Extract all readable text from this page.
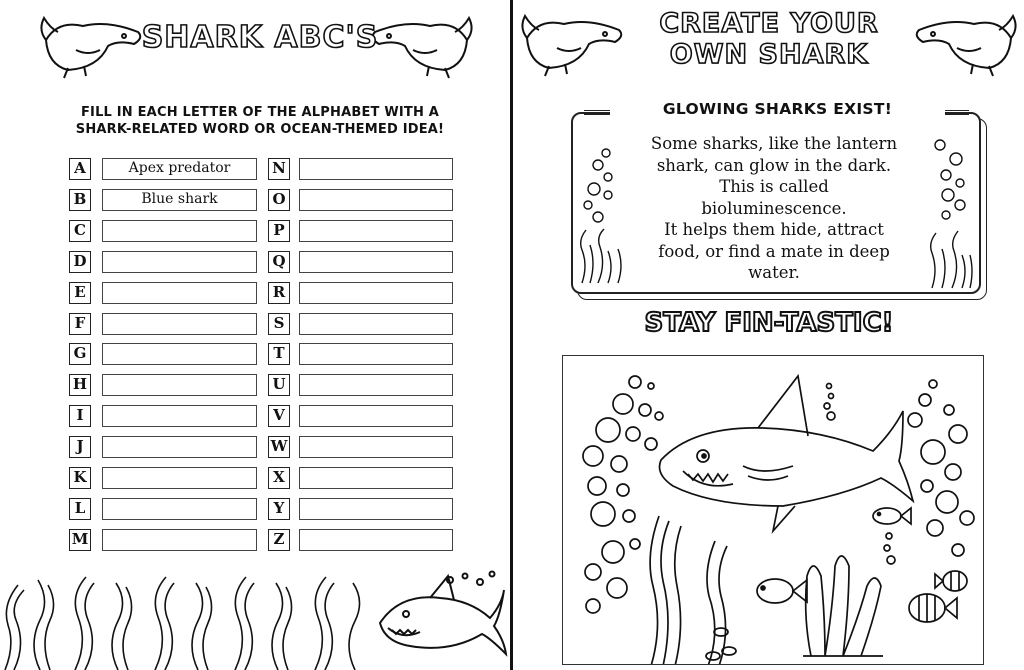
SHARK ABC'S
FILL IN EACH LETTER OF THE ALPHABET WITH A SHARK-RELATED WORD OR OCEAN-THEMED IDEA!
A	Apex predator
B	Blue shark
C
D
E
F
G
H
I
J
K
L
M
N
O
P
Q
R
S
T
U
V
W
X
Y
Z
CREATE YOUR
OWN SHARK
GLOWING SHARKS EXIST!
Some sharks, like the lantern
shark, can glow in the dark.
This is called
bioluminescence.
It helps them hide, attract
food, or find a mate in deep
water.
STAY FIN-TASTIC!
